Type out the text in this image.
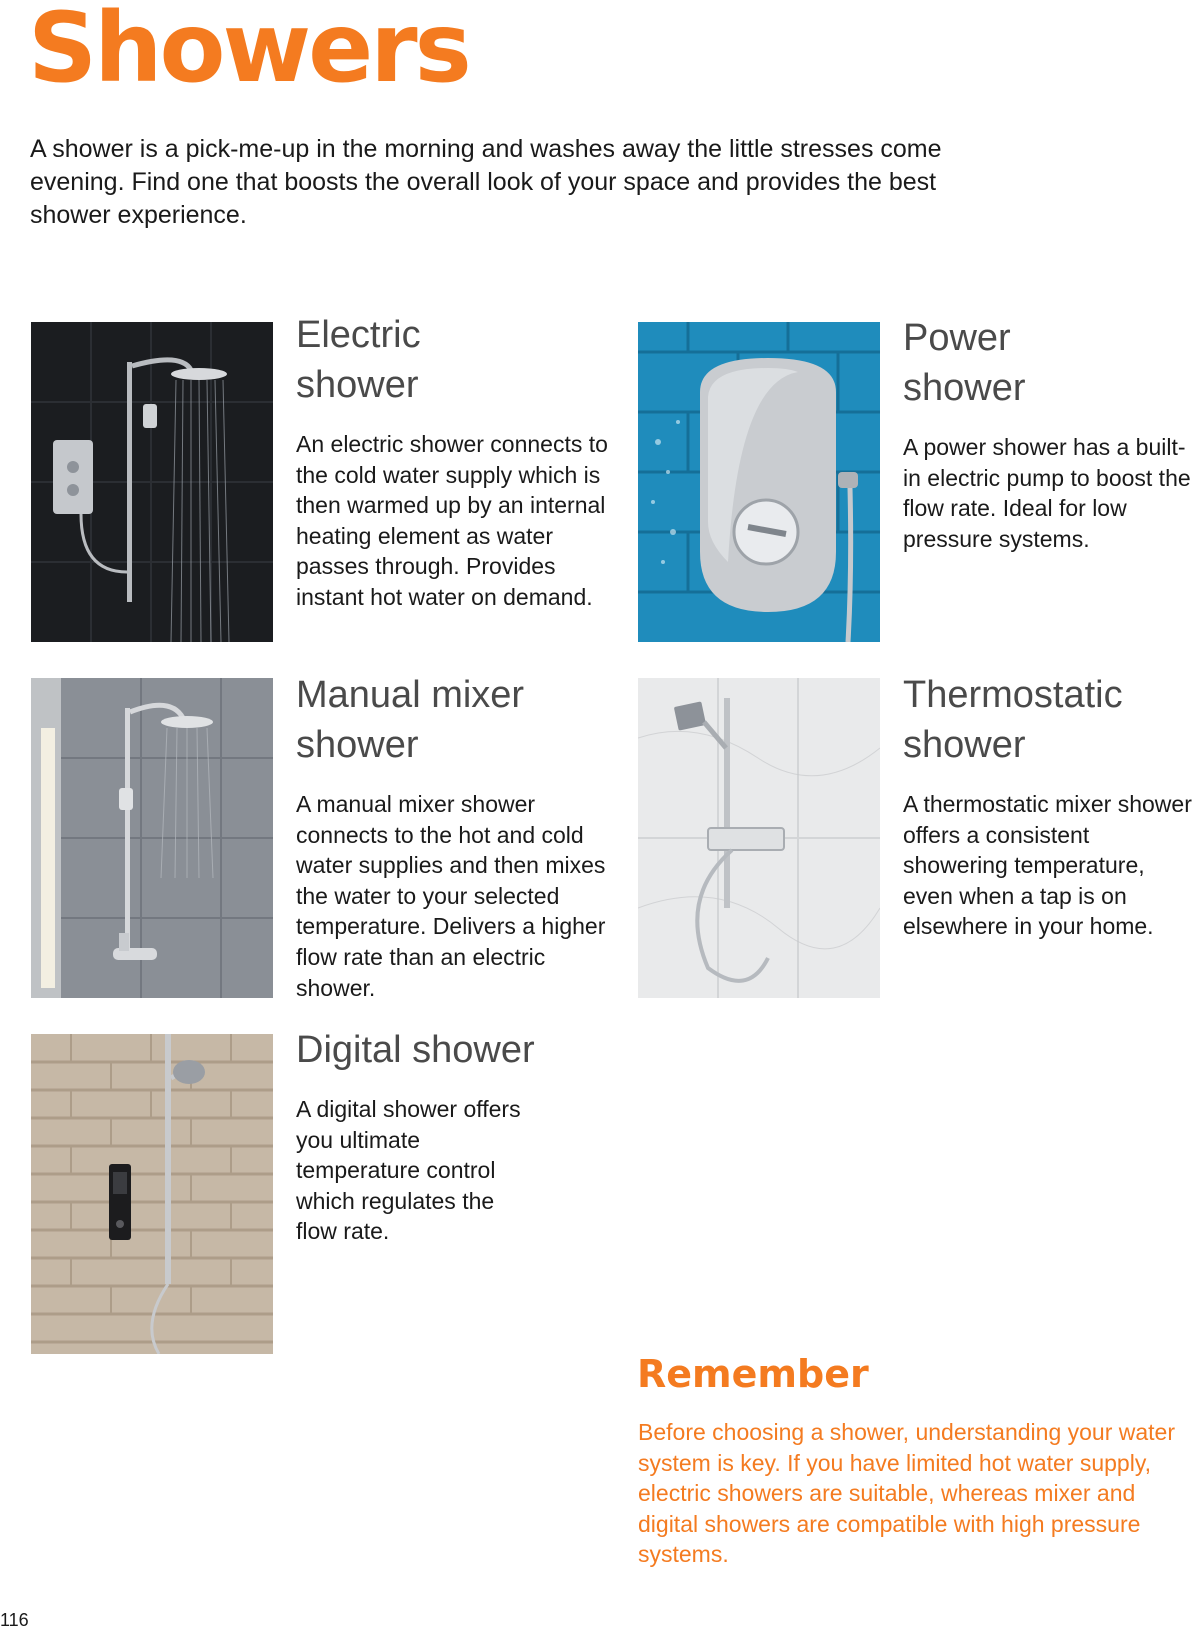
Showers
A shower is a pick-me-up in the morning and washes away the little stresses come evening. Find one that boosts the overall look of your space and provides the best shower experience.
Electric
shower
An electric shower connects to the cold water supply which is then warmed up by an internal heating element as water passes through. Provides instant hot water on demand.
Power
shower
A power shower has a built-in electric pump to boost the flow rate. Ideal for low pressure systems.
Manual mixer
shower
A manual mixer shower connects to the hot and cold water supplies and then mixes the water to your selected temperature. Delivers a higher flow rate than an electric shower.
Thermostatic
shower
A thermostatic mixer shower offers a consistent showering temperature, even when a tap is on elsewhere in your home.
Digital shower
A digital shower offers you ultimate temperature control which regulates the flow rate.
Remember
Before choosing a shower, understanding your water system is key. If you have limited hot water supply, electric showers are suitable, whereas mixer and digital showers are compatible with high pressure systems.
116
